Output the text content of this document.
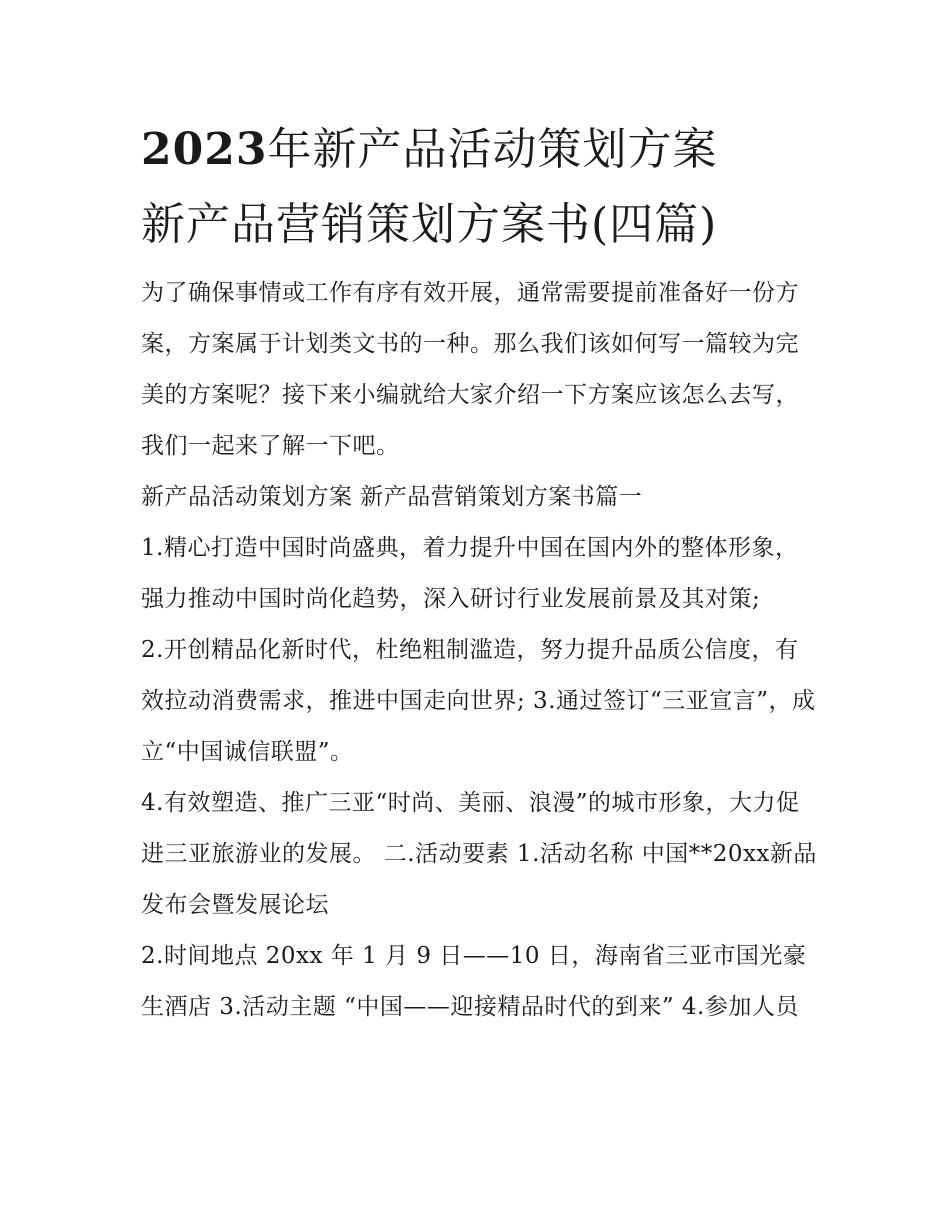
2023年新产品活动策划方案
新产品营销策划方案书(四篇)

为了确保事情或工作有序有效开展，通常需要提前准备好一份方案，方案属于计划类文书的一种。那么我们该如何写一篇较为完美的方案呢？接下来小编就给大家介绍一下方案应该怎么去写，我们一起来了解一下吧。

新产品活动策划方案 新产品营销策划方案书篇一

1.精心打造中国时尚盛典，着力提升中国在国内外的整体形象，强力推动中国时尚化趋势，深入研讨行业发展前景及其对策;

2.开创精品化新时代，杜绝粗制滥造，努力提升品质公信度，有效拉动消费需求，推进中国走向世界; 3.通过签订“三亚宣言”，成立“中国诚信联盟”。

4.有效塑造、推广三亚“时尚、美丽、浪漫”的城市形象，大力促进三亚旅游业的发展。 二.活动要素 1.活动名称 中国**20xx新品发布会暨发展论坛

2.时间地点 20xx 年 1 月 9 日——10 日，海南省三亚市国光豪生酒店 3.活动主题 “中国——迎接精品时代的到来” 4.参加人员
